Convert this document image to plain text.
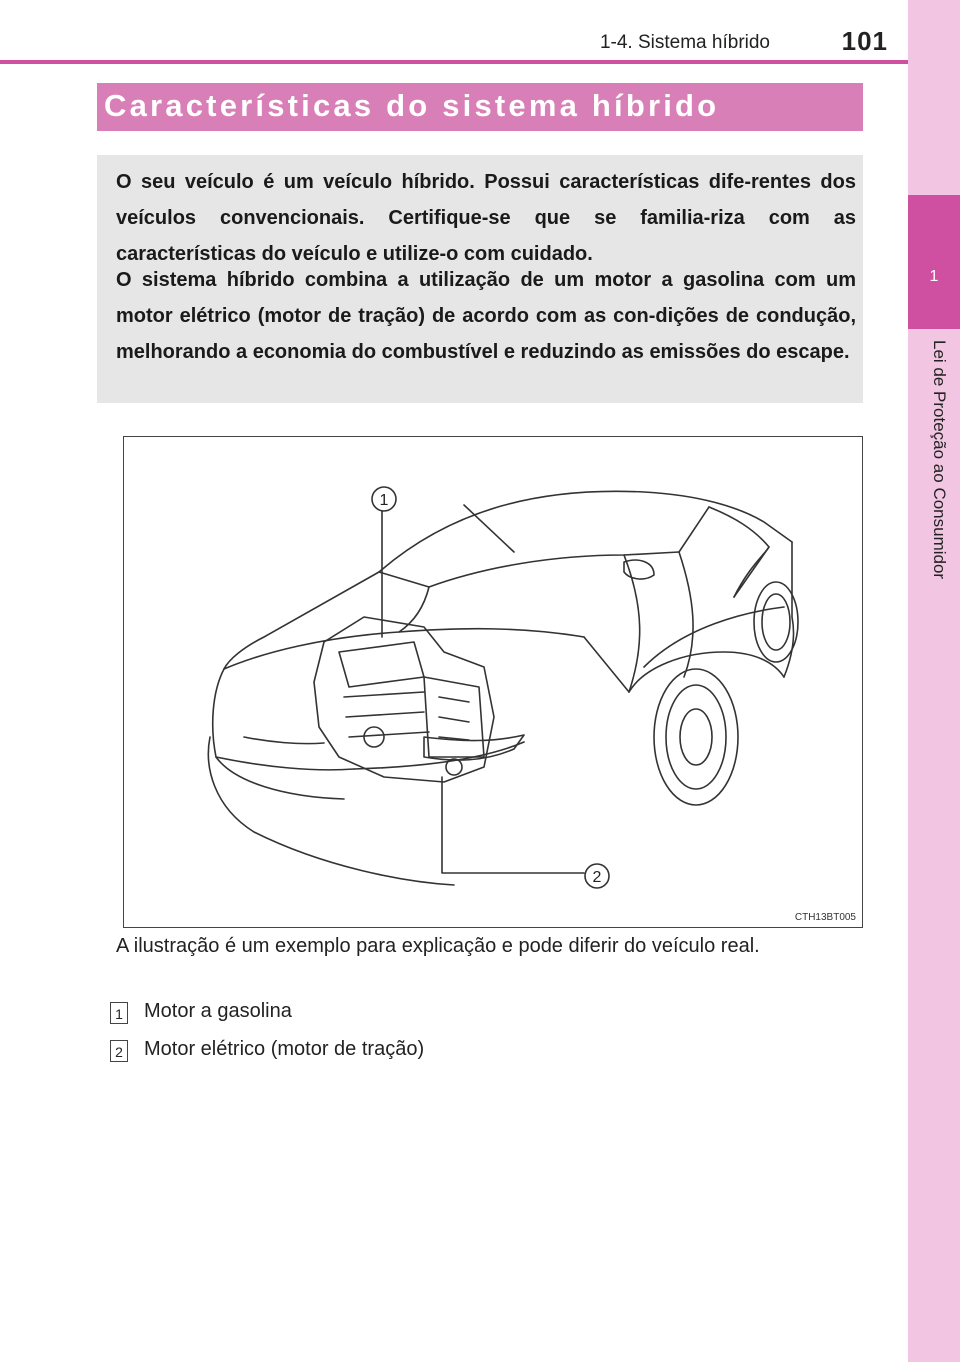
1-4. Sistema híbrido	101
1
Lei de Proteção ao Consumidor
Características do sistema híbrido

O seu veículo é um veículo híbrido. Possui características dife-rentes dos veículos convencionais. Certifique-se que se familia-riza com as características do veículo e utilize-o com cuidado.

O sistema híbrido combina a utilização de um motor a gasolina com um motor elétrico (motor de tração) de acordo com as con-dições de condução, melhorando a economia do combustível e reduzindo as emissões do escape.

1
2
CTH13BT005

A ilustração é um exemplo para explicação e pode diferir do veículo real.

1 Motor a gasolina
2 Motor elétrico (motor de tração)
